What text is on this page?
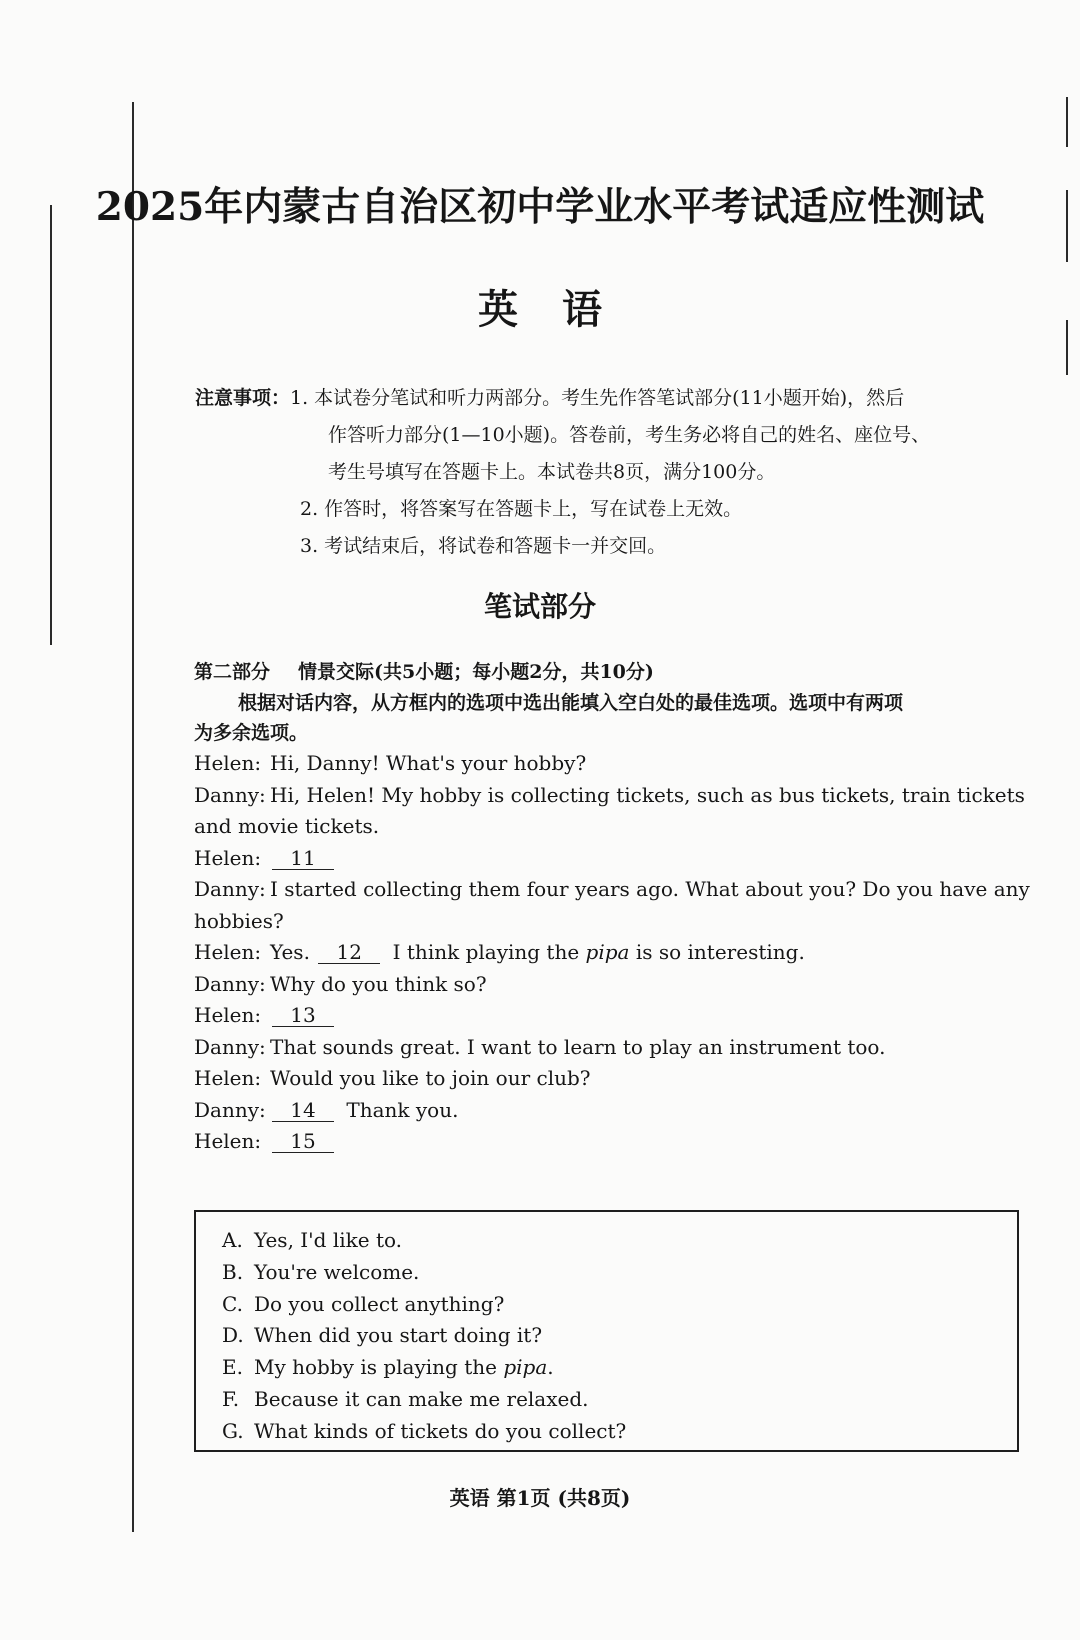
2025年内蒙古自治区初中学业水平考试适应性测试
英 语
注意事项：1. 本试卷分笔试和听力两部分。考生先作答笔试部分(11小题开始)，然后
作答听力部分(1—10小题)。答卷前，考生务必将自己的姓名、座位号、
考生号填写在答题卡上。本试卷共8页，满分100分。
2. 作答时，将答案写在答题卡上，写在试卷上无效。
3. 考试结束后，将试卷和答题卡一并交回。
笔试部分
第二部分 情景交际(共5小题；每小题2分，共10分)
根据对话内容，从方框内的选项中选出能填入空白处的最佳选项。选项中有两项
为多余选项。
Helen: Hi, Danny! What's your hobby?
Danny: Hi, Helen! My hobby is collecting tickets, such as bus tickets, train tickets
and movie tickets.
Helen: 11
Danny: I started collecting them four years ago. What about you? Do you have any
hobbies?
Helen: Yes. 12 I think playing the pipa is so interesting.
Danny: Why do you think so?
Helen: 13
Danny: That sounds great. I want to learn to play an instrument too.
Helen: Would you like to join our club?
Danny: 14 Thank you.
Helen: 15
A. Yes, I'd like to.
B. You're welcome.
C. Do you collect anything?
D. When did you start doing it?
E. My hobby is playing the pipa.
F. Because it can make me relaxed.
G. What kinds of tickets do you collect?
英语 第1页 (共8页)
